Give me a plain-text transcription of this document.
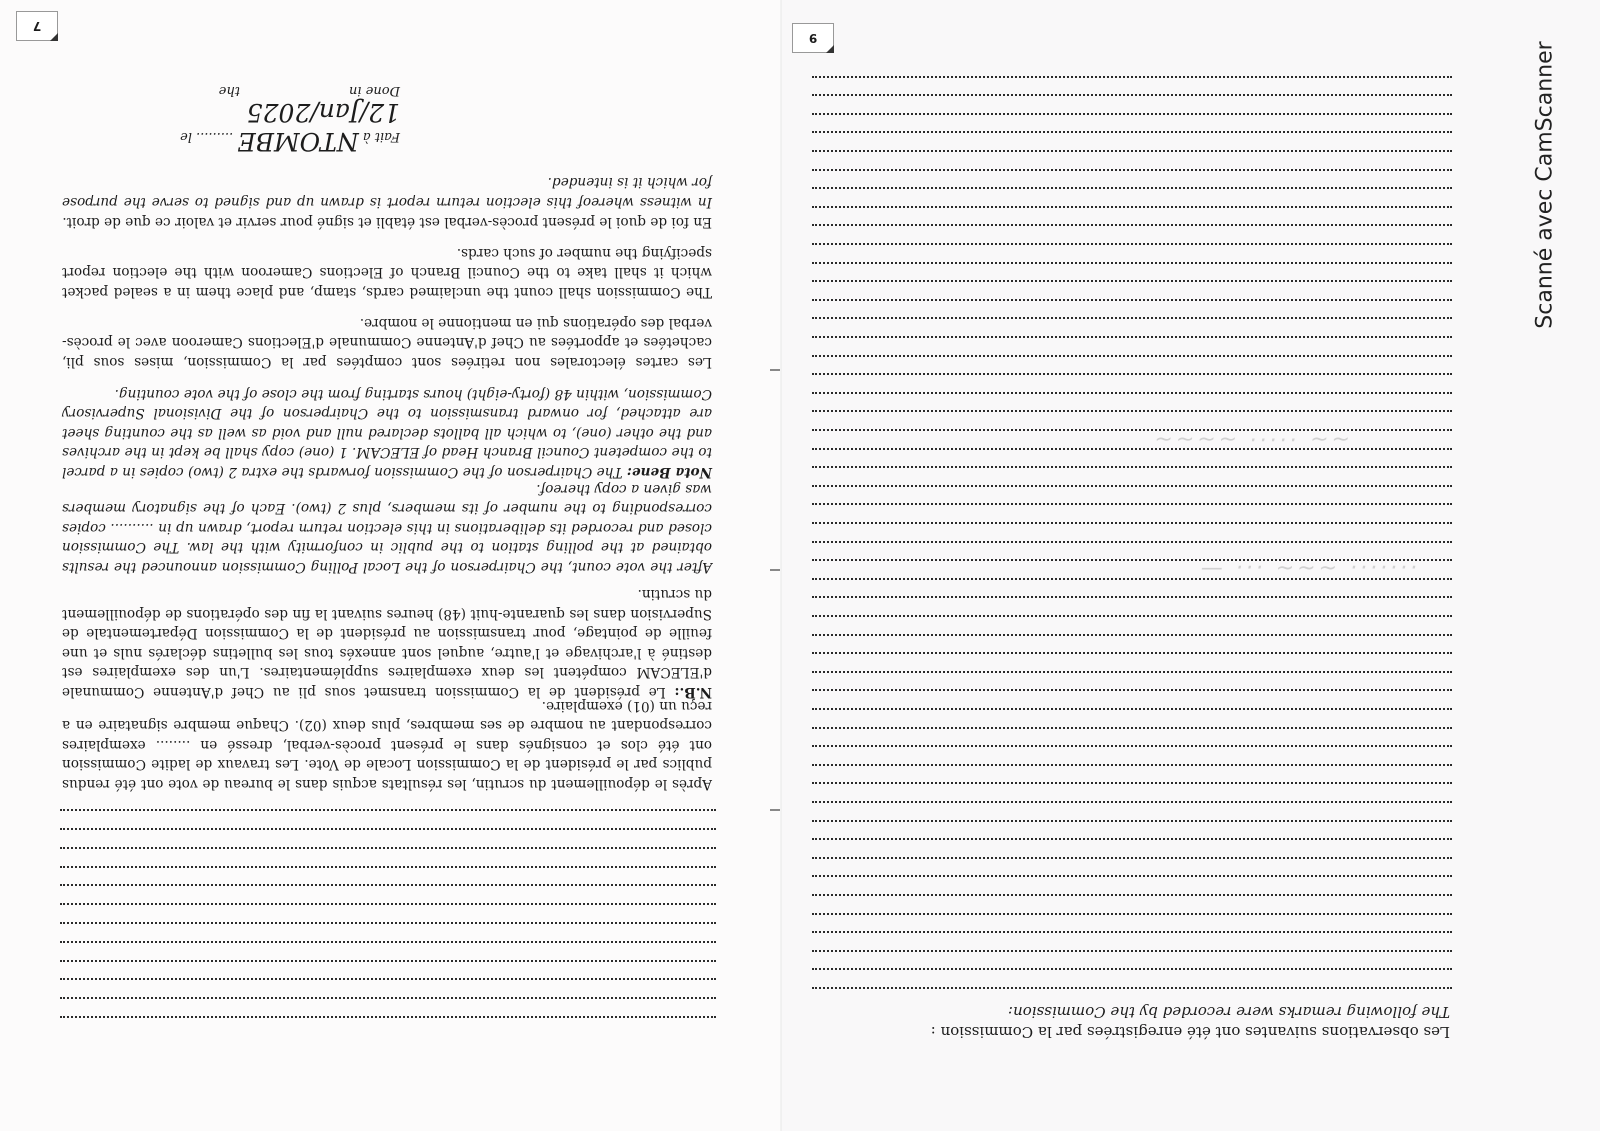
9
Les observations suivantes ont été enregistrées par la Commission :
The following remarks were recorded by the Commission:
— ··· ~~~ ·······
~~ ····· ~~~~
7
Après le dépouillement du scrutin, les résultats acquis dans le bureau de vote ont été rendus publics par le président de la Commission Locale de Vote. Les travaux de ladite Commission ont été clos et consignés dans le présent procès-verbal, dressé en ........ exemplaires correspondant au nombre de ses membres, plus deux (02). Chaque membre signataire en a reçu un (01) exemplaire.
N.B.: Le président de la Commission transmet sous pli au Chef d'Antenne Communale d'ELECAM compétent les deux exemplaires supplémentaires. L'un des exemplaires est destiné à l'archivage et l'autre, auquel sont annexés tous les bulletins déclarés nuls et une feuille de pointage, pour transmission au président de la Commission Départementale de Supervision dans les quarante-huit (48) heures suivant la fin des opérations de dépouillement du scrutin.
After the vote count, the Chairperson of the Local Polling Commission announced the results obtained at the polling station to the public in conformity with the law. The Commission closed and recorded its deliberations in this election return report, drawn up in .......... copies corresponding to the number of its members, plus 2 (two). Each of the signatory members was given a copy thereof.
Nota Bene: The Chairperson of the Commission forwards the extra 2 (two) copies in a parcel to the competent Council Branch Head of ELECAM. 1 (one) copy shall be kept in the archives and the other (one), to which all ballots declared null and void as well as the counting sheet are attached, for onward transmission to the Chairperson of the Divisional Supervisory Commission, within 48 (forty-eight) hours starting from the close of the vote counting.
Les cartes électorales non retirées sont comptées par la Commission, mises sous pli, cachetées et apportées au Chef d'Antenne Communale d'Elections Cameroon avec le procès-verbal des opérations qui en mentionne le nombre.
The Commission shall count the unclaimed cards, stamp, and place them in a sealed packet which it shall take to the Council Branch of Elections Cameroon with the election report specifying the number of such cards.
En foi de quoi le présent procès-verbal est établi et signé pour servir et valoir ce que de droit.
In witness whereof this election return report is drawn up and signed to serve the purpose for which it is intended.
Fait à NTOMBE ......... le 12/Jan/2025
Done in
the	Scanné avec CamScanner
